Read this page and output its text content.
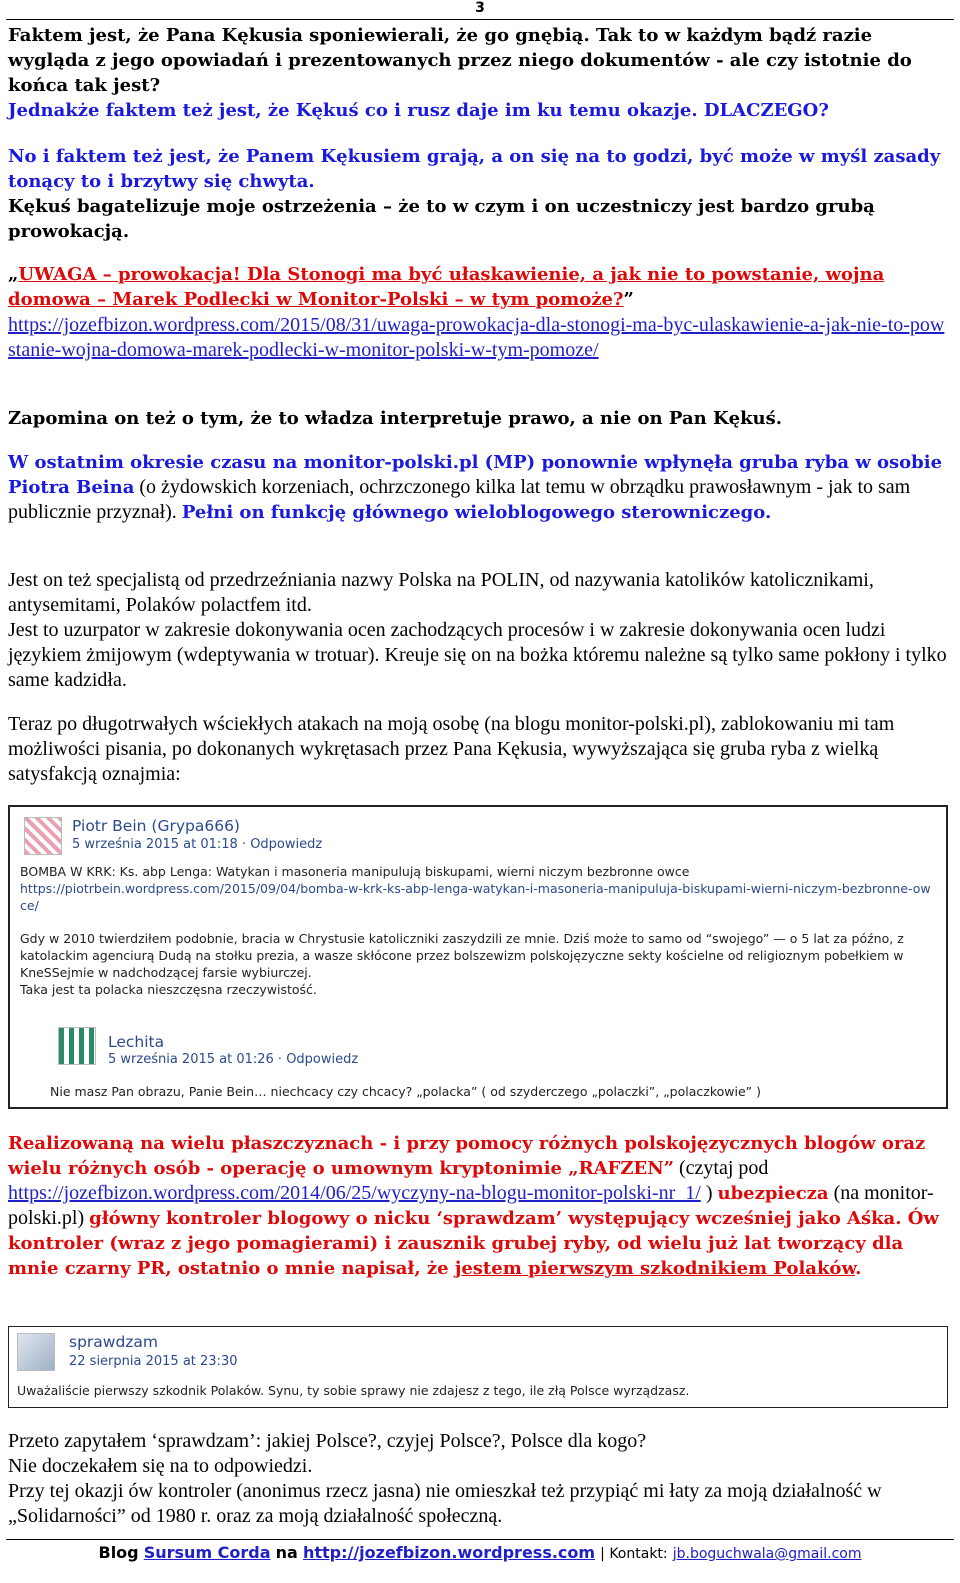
3
Faktem jest, że Pana Kękusia sponiewierali, że go gnębią. Tak to w każdym bądź razie wygląda z jego opowiadań i prezentowanych przez niego dokumentów - ale czy istotnie do końca tak jest?
Jednakże faktem też jest, że Kękuś co i rusz daje im ku temu okazje. DLACZEGO?
No i faktem też jest, że Panem Kękusiem grają, a on się na to godzi, być może w myśl zasady tonący to i brzytwy się chwyta.
Kękuś bagatelizuje moje ostrzeżenia – że to w czym i on uczestniczy jest bardzo grubą prowokacją.
„UWAGA – prowokacja! Dla Stonogi ma być ułaskawienie, a jak nie to powstanie, wojna domowa – Marek Podlecki w Monitor-Polski – w tym pomoże?”
https://jozefbizon.wordpress.com/2015/08/31/uwaga-prowokacja-dla-stonogi-ma-byc-ulaskawienie-a-jak-nie-to-powstanie-wojna-domowa-marek-podlecki-w-monitor-polski-w-tym-pomoze/
Zapomina on też o tym, że to władza interpretuje prawo, a nie on Pan Kękuś.
W ostatnim okresie czasu na monitor-polski.pl (MP) ponownie wpłynęła gruba ryba w osobie Piotra Beina (o żydowskich korzeniach, ochrzczonego kilka lat temu w obrządku prawosławnym - jak to sam publicznie przyznał). Pełni on funkcję głównego wieloblogowego sterowniczego.
Jest on też specjalistą od przedrzeźniania nazwy Polska na POLIN, od nazywania katolików katolicznikami, antysemitami, Polaków polactfem itd.
Jest to uzurpator w zakresie dokonywania ocen zachodzących procesów i w zakresie dokonywania ocen ludzi językiem żmijowym (wdeptywania w trotuar). Kreuje się on na bożka któremu należne są tylko same pokłony i tylko same kadzidła.
Teraz po długotrwałych wściekłych atakach na moją osobę (na blogu monitor-polski.pl), zablokowaniu mi tam możliwości pisania, po dokonanych wykrętasach przez Pana Kękusia, wywyższająca się gruba ryba z wielką satysfakcją oznajmia:
Piotr Bein (Grypa666)
5 września 2015 at 01:18 · Odpowiedz
BOMBA W KRK: Ks. abp Lenga: Watykan i masoneria manipulują biskupami, wierni niczym bezbronne owce
https://piotrbein.wordpress.com/2015/09/04/bomba-w-krk-ks-abp-lenga-watykan-i-masoneria-manipuluja-biskupami-wierni-niczym-bezbronne-owce/
Gdy w 2010 twierdziłem podobnie, bracia w Chrystusie katoliczniki zaszydzili ze mnie. Dziś może to samo od “swojego” — o 5 lat za późno, z katolackim agenciurą Dudą na stołku prezia, a wasze skłócone przez bolszewizm polskojęzyczne sekty kościelne od religioznym pobełkiem w KneSSejmie w nadchodzącej farsie wybiurczej.
Taka jest ta polacka nieszczęsna rzeczywistość.
Lechita
5 września 2015 at 01:26 · Odpowiedz
Nie masz Pan obrazu, Panie Bein… niechcacy czy chcacy? „polacka” ( od szyderczego „polaczki”, „polaczkowie” )
Realizowaną na wielu płaszczyznach - i przy pomocy różnych polskojęzycznych blogów oraz wielu różnych osób - operację o umownym kryptonimie „RAFZEN” (czytaj pod https://jozefbizon.wordpress.com/2014/06/25/wyczyny-na-blogu-monitor-polski-nr_1/ ) ubezpiecza (na monitor-polski.pl) główny kontroler blogowy o nicku ‘sprawdzam’ występujący wcześniej jako Aśka. Ów kontroler (wraz z jego pomagierami) i zausznik grubej ryby, od wielu już lat tworzący dla mnie czarny PR, ostatnio o mnie napisał, że jestem pierwszym szkodnikiem Polaków.
sprawdzam
22 sierpnia 2015 at 23:30
Uważaliście pierwszy szkodnik Polaków. Synu, ty sobie sprawy nie zdajesz z tego, ile złą Polsce wyrządzasz.
Przeto zapytałem ‘sprawdzam’: jakiej Polsce?, czyjej Polsce?, Polsce dla kogo?
Nie doczekałem się na to odpowiedzi.
Przy tej okazji ów kontroler (anonimus rzecz jasna) nie omieszkał też przypiąć mi łaty za moją działalność w „Solidarności” od 1980 r. oraz za moją działalność społeczną.
Blog Sursum Corda na http://jozefbizon.wordpress.com | Kontakt: jb.boguchwala@gmail.com
